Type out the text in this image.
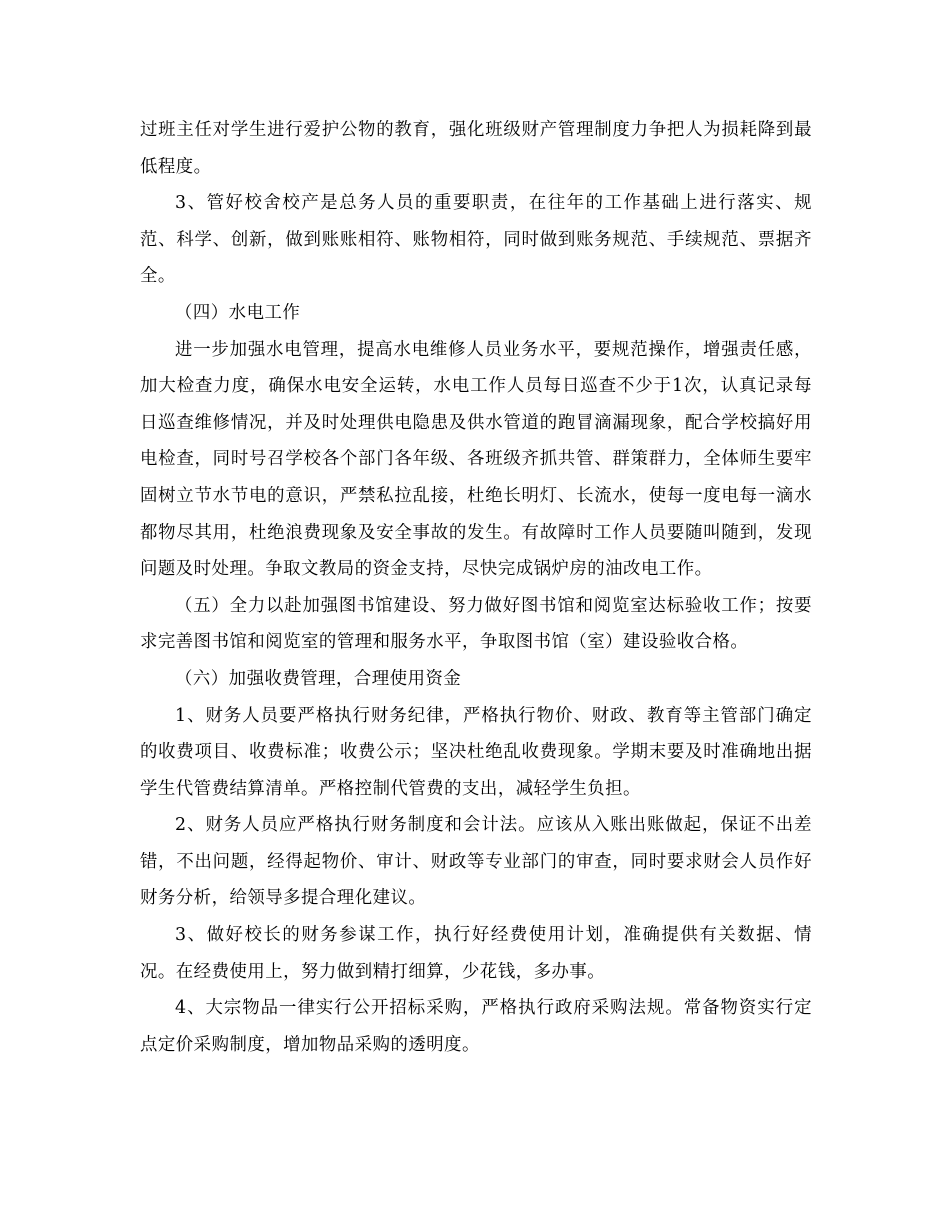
过班主任对学生进行爱护公物的教育，强化班级财产管理制度力争把人为损耗降到最低程度。

3、管好校舍校产是总务人员的重要职责，在往年的工作基础上进行落实、规范、科学、创新，做到账账相符、账物相符，同时做到账务规范、手续规范、票据齐全。

（四）水电工作

进一步加强水电管理，提高水电维修人员业务水平，要规范操作，增强责任感，加大检查力度，确保水电安全运转，水电工作人员每日巡查不少于1次，认真记录每日巡查维修情况，并及时处理供电隐患及供水管道的跑冒滴漏现象，配合学校搞好用电检查，同时号召学校各个部门各年级、各班级齐抓共管、群策群力，全体师生要牢固树立节水节电的意识，严禁私拉乱接，杜绝长明灯、长流水，使每一度电每一滴水都物尽其用，杜绝浪费现象及安全事故的发生。有故障时工作人员要随叫随到，发现问题及时处理。争取文教局的资金支持，尽快完成锅炉房的油改电工作。

（五）全力以赴加强图书馆建设、努力做好图书馆和阅览室达标验收工作；按要求完善图书馆和阅览室的管理和服务水平，争取图书馆（室）建设验收合格。

（六）加强收费管理，合理使用资金

1、财务人员要严格执行财务纪律，严格执行物价、财政、教育等主管部门确定的收费项目、收费标准；收费公示；坚决杜绝乱收费现象。学期末要及时准确地出据学生代管费结算清单。严格控制代管费的支出，减轻学生负担。

2、财务人员应严格执行财务制度和会计法。应该从入账出账做起，保证不出差错，不出问题，经得起物价、审计、财政等专业部门的审查，同时要求财会人员作好财务分析，给领导多提合理化建议。

3、做好校长的财务参谋工作，执行好经费使用计划，准确提供有关数据、情况。在经费使用上，努力做到精打细算，少花钱，多办事。

4、大宗物品一律实行公开招标采购，严格执行政府采购法规。常备物资实行定点定价采购制度，增加物品采购的透明度。
